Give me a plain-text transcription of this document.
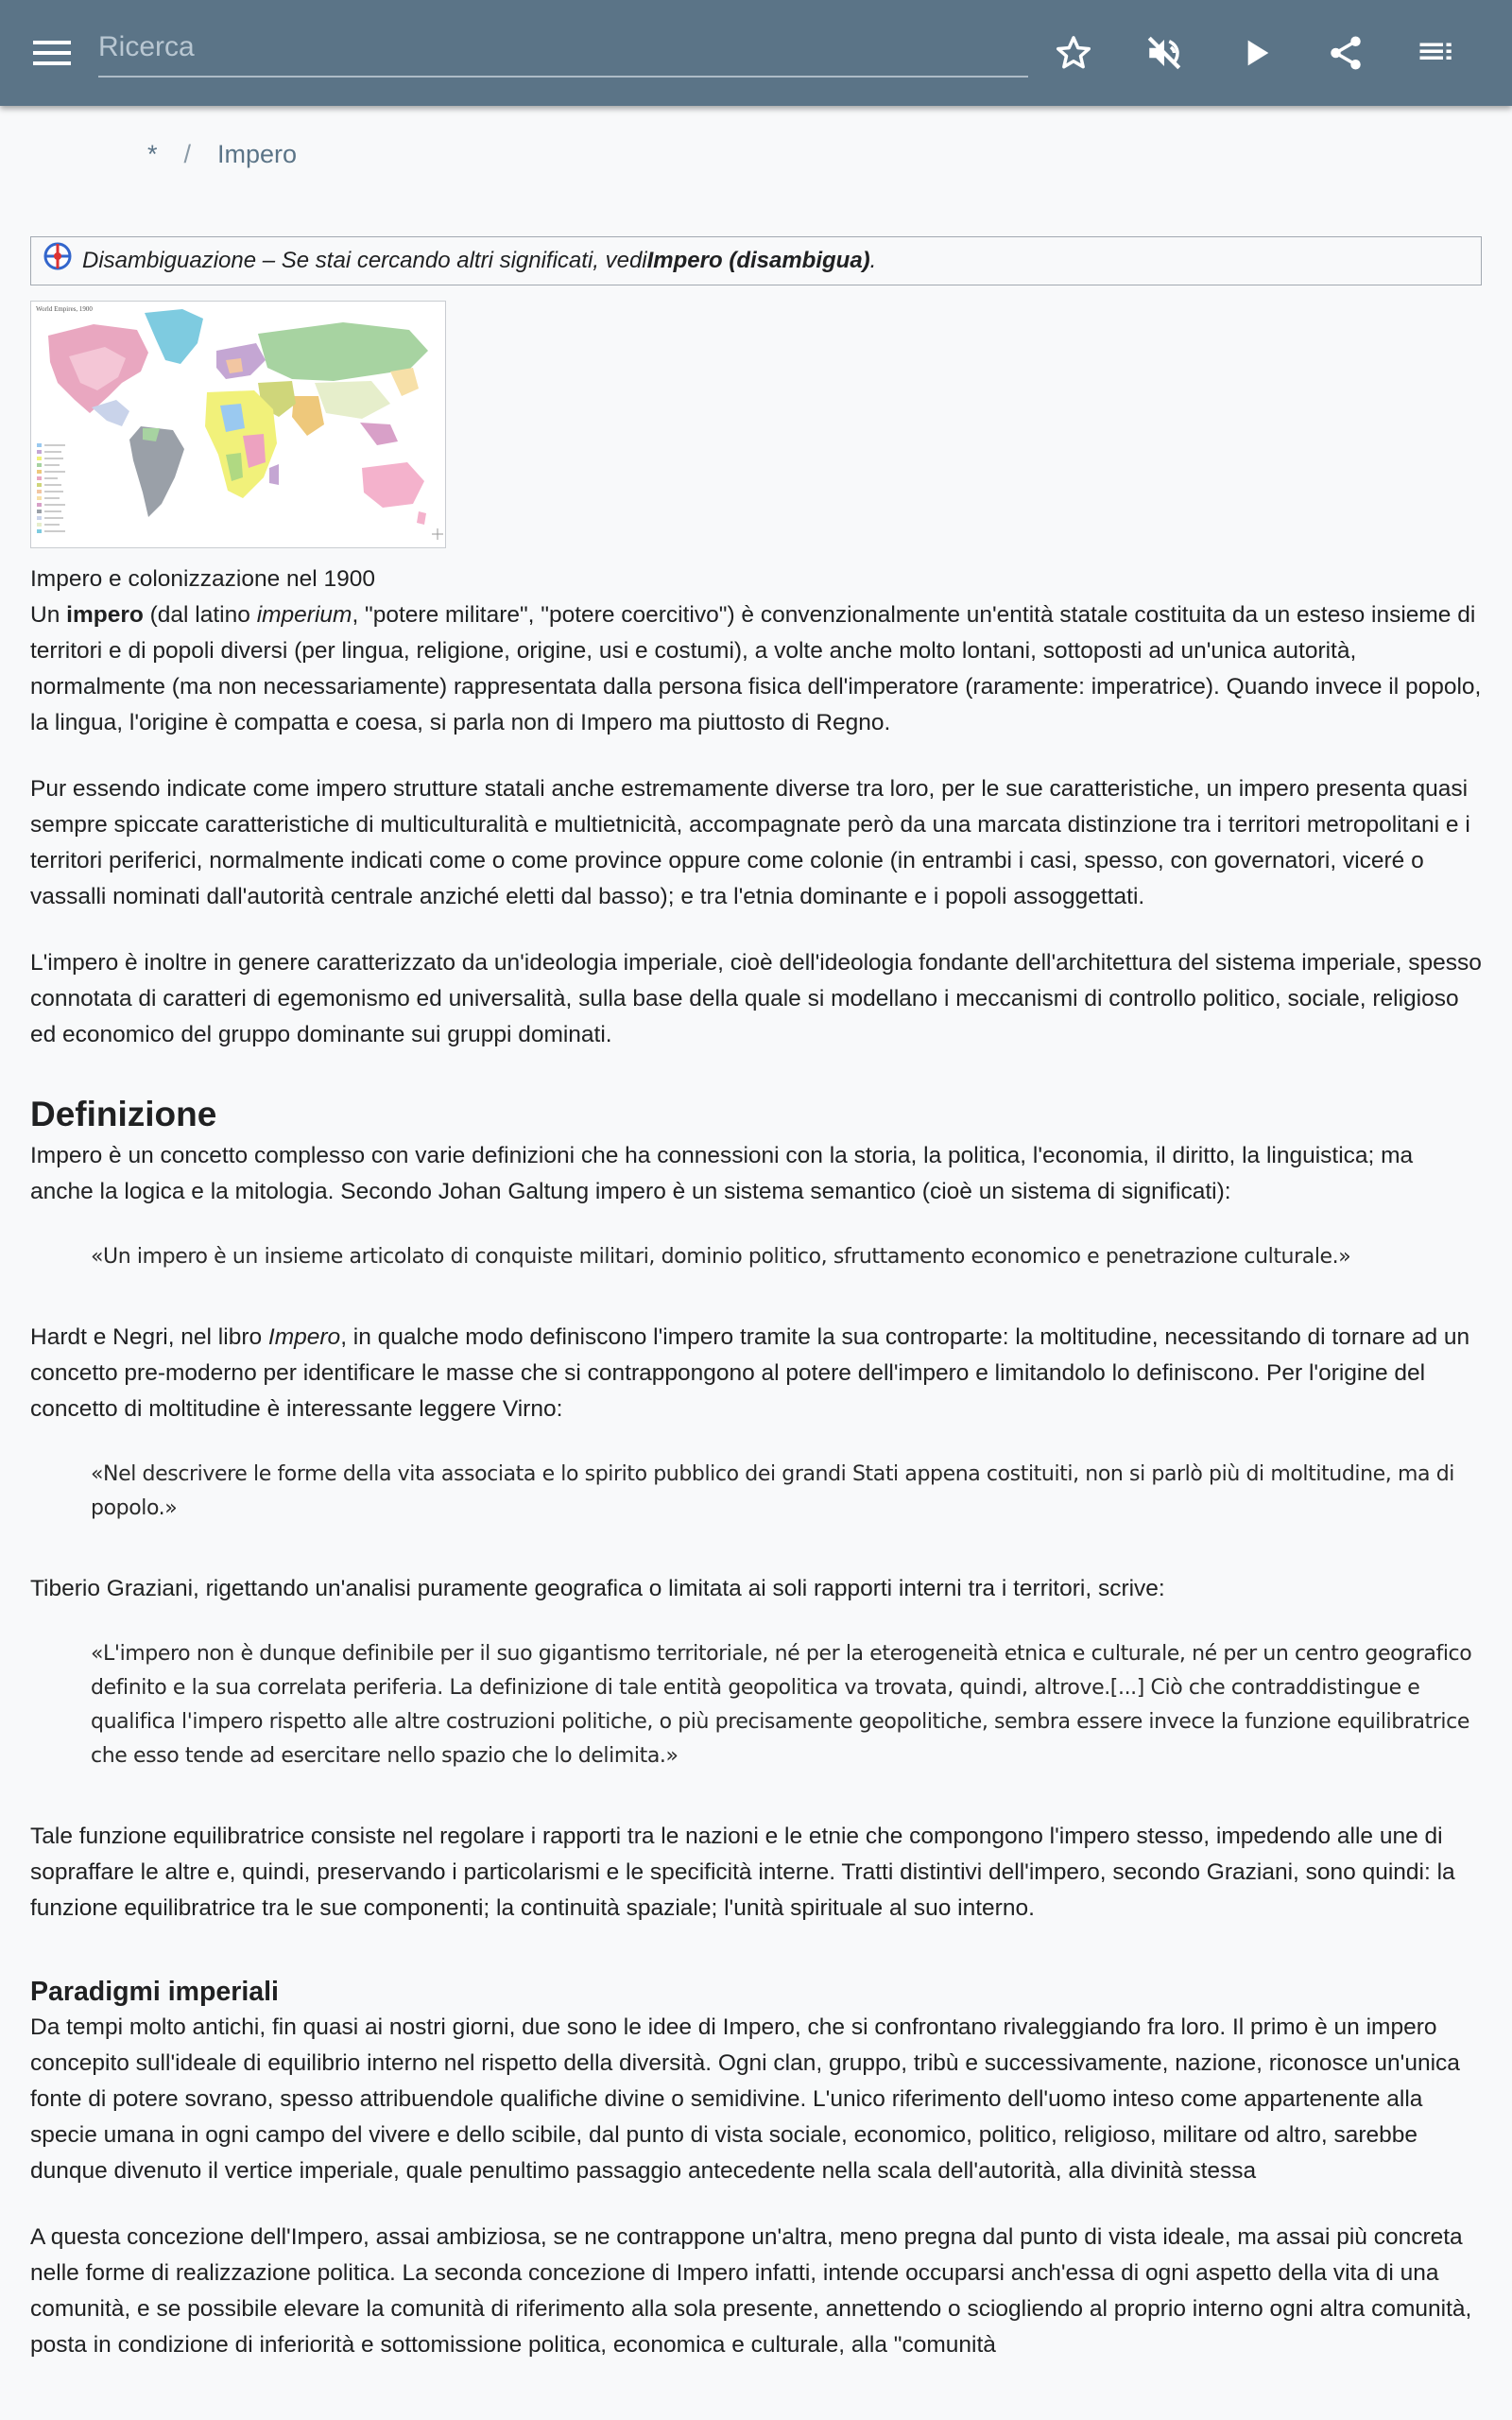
Ricerca
* / Impero
Disambiguazione – Se stai cercando altri significati, vedi Impero (disambigua) .
World Empires, 1900
Impero e colonizzazione nel 1900

Un impero (dal latino imperium, "potere militare", "potere coercitivo") è convenzionalmente un'entità statale costituita da un esteso insieme di territori e di popoli diversi (per lingua, religione, origine, usi e costumi), a volte anche molto lontani, sottoposti ad un'unica autorità, normalmente (ma non necessariamente) rappresentata dalla persona fisica dell'imperatore (raramente: imperatrice). Quando invece il popolo, la lingua, l'origine è compatta e coesa, si parla non di Impero ma piuttosto di Regno.

Pur essendo indicate come impero strutture statali anche estremamente diverse tra loro, per le sue caratteristiche, un impero presenta quasi sempre spiccate caratteristiche di multiculturalità e multietnicità, accompagnate però da una marcata distinzione tra i territori metropolitani e i territori periferici, normalmente indicati come o come province oppure come colonie (in entrambi i casi, spesso, con governatori, viceré o vassalli nominati dall'autorità centrale anziché eletti dal basso); e tra l'etnia dominante e i popoli assoggettati.

L'impero è inoltre in genere caratterizzato da un'ideologia imperiale, cioè dell'ideologia fondante dell'architettura del sistema imperiale, spesso connotata di caratteri di egemonismo ed universalità, sulla base della quale si modellano i meccanismi di controllo politico, sociale, religioso ed economico del gruppo dominante sui gruppi dominati.

Definizione

Impero è un concetto complesso con varie definizioni che ha connessioni con la storia, la politica, l'economia, il diritto, la linguistica; ma anche la logica e la mitologia. Secondo Johan Galtung impero è un sistema semantico (cioè un sistema di significati):

«Un impero è un insieme articolato di conquiste militari, dominio politico, sfruttamento economico e penetrazione culturale.»

Hardt e Negri, nel libro Impero, in qualche modo definiscono l'impero tramite la sua controparte: la moltitudine, necessitando di tornare ad un concetto pre-moderno per identificare le masse che si contrappongono al potere dell'impero e limitandolo lo definiscono. Per l'origine del concetto di moltitudine è interessante leggere Virno:

«Nel descrivere le forme della vita associata e lo spirito pubblico dei grandi Stati appena costituiti, non si parlò più di moltitudine, ma di popolo.»

Tiberio Graziani, rigettando un'analisi puramente geografica o limitata ai soli rapporti interni tra i territori, scrive:

«L'impero non è dunque definibile per il suo gigantismo territoriale, né per la eterogeneità etnica e culturale, né per un centro geografico definito e la sua correlata periferia. La definizione di tale entità geopolitica va trovata, quindi, altrove.[...] Ciò che contraddistingue e qualifica l'impero rispetto alle altre costruzioni politiche, o più precisamente geopolitiche, sembra essere invece la funzione equilibratrice che esso tende ad esercitare nello spazio che lo delimita.»

Tale funzione equilibratrice consiste nel regolare i rapporti tra le nazioni e le etnie che compongono l'impero stesso, impedendo alle une di sopraffare le altre e, quindi, preservando i particolarismi e le specificità interne. Tratti distintivi dell'impero, secondo Graziani, sono quindi: la funzione equilibratrice tra le sue componenti; la continuità spaziale; l'unità spirituale al suo interno.

Paradigmi imperiali

Da tempi molto antichi, fin quasi ai nostri giorni, due sono le idee di Impero, che si confrontano rivaleggiando fra loro. Il primo è un impero concepito sull'ideale di equilibrio interno nel rispetto della diversità. Ogni clan, gruppo, tribù e successivamente, nazione, riconosce un'unica fonte di potere sovrano, spesso attribuendole qualifiche divine o semidivine. L'unico riferimento dell'uomo inteso come appartenente alla specie umana in ogni campo del vivere e dello scibile, dal punto di vista sociale, economico, politico, religioso, militare od altro, sarebbe dunque divenuto il vertice imperiale, quale penultimo passaggio antecedente nella scala dell'autorità, alla divinità stessa

A questa concezione dell'Impero, assai ambiziosa, se ne contrappone un'altra, meno pregna dal punto di vista ideale, ma assai più concreta nelle forme di realizzazione politica. La seconda concezione di Impero infatti, intende occuparsi anch'essa di ogni aspetto della vita di una comunità, e se possibile elevare la comunità di riferimento alla sola presente, annettendo o sciogliendo al proprio interno ogni altra comunità, posta in condizione di inferiorità e sottomissione politica, economica e culturale, alla "comunità
